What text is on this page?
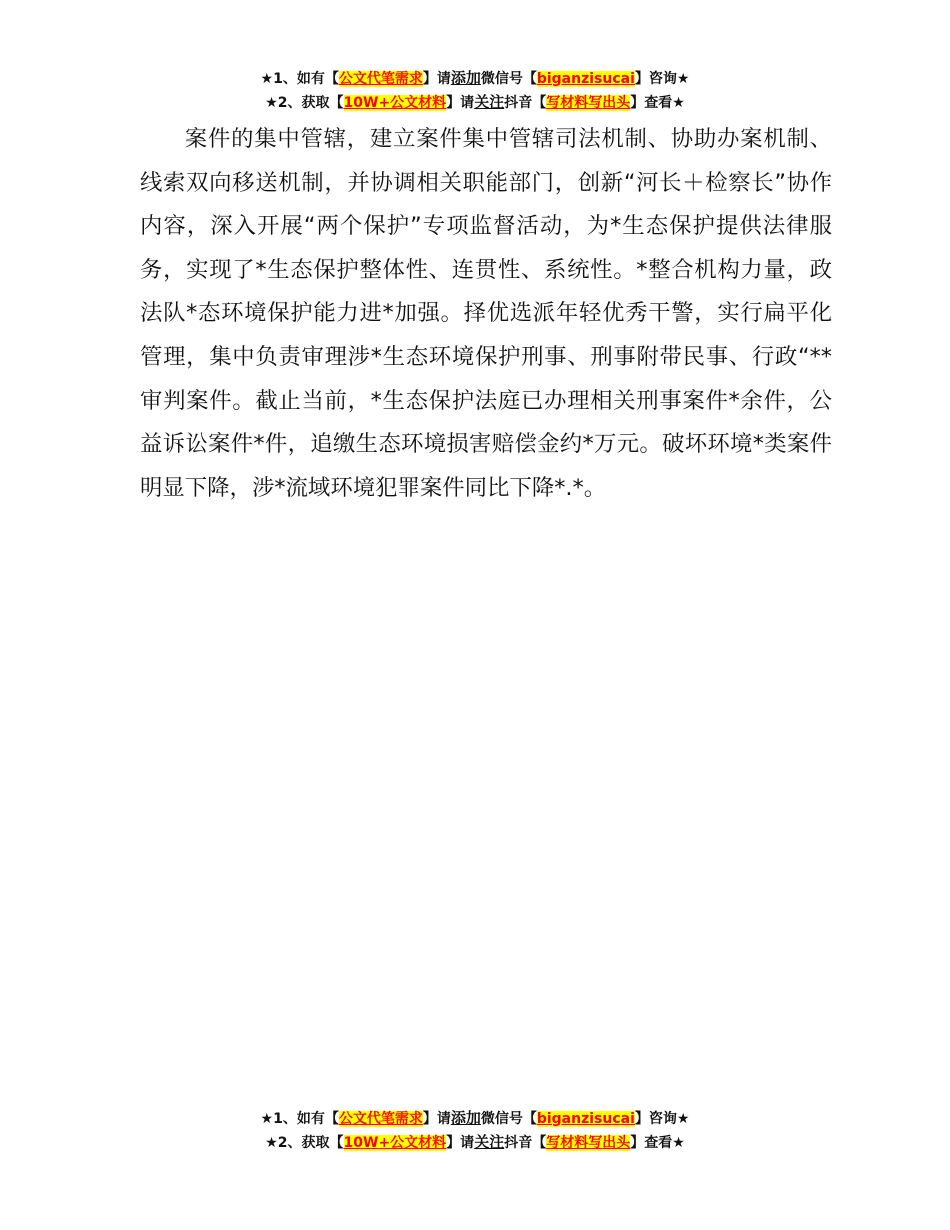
★1、如有【公文代笔需求】请添加微信号【biganzisucai】咨询★
★2、获取【10W+公文材料】请关注抖音【写材料写出头】查看★

案件的集中管辖，建立案件集中管辖司法机制、协助办案机制、线索双向移送机制，并协调相关职能部门，创新“河长＋检察长”协作内容，深入开展“两个保护”专项监督活动，为*生态保护提供法律服务，实现了*生态保护整体性、连贯性、系统性。*整合机构力量，政法队*态环境保护能力进*加强。择优选派年轻优秀干警，实行扁平化管理，集中负责审理涉*生态环境保护刑事、刑事附带民事、行政“**审判案件。截止当前，*生态保护法庭已办理相关刑事案件*余件，公益诉讼案件*件，追缴生态环境损害赔偿金约*万元。破坏环境*类案件明显下降，涉*流域环境犯罪案件同比下降*.*。

★1、如有【公文代笔需求】请添加微信号【biganzisucai】咨询★
★2、获取【10W+公文材料】请关注抖音【写材料写出头】查看★
